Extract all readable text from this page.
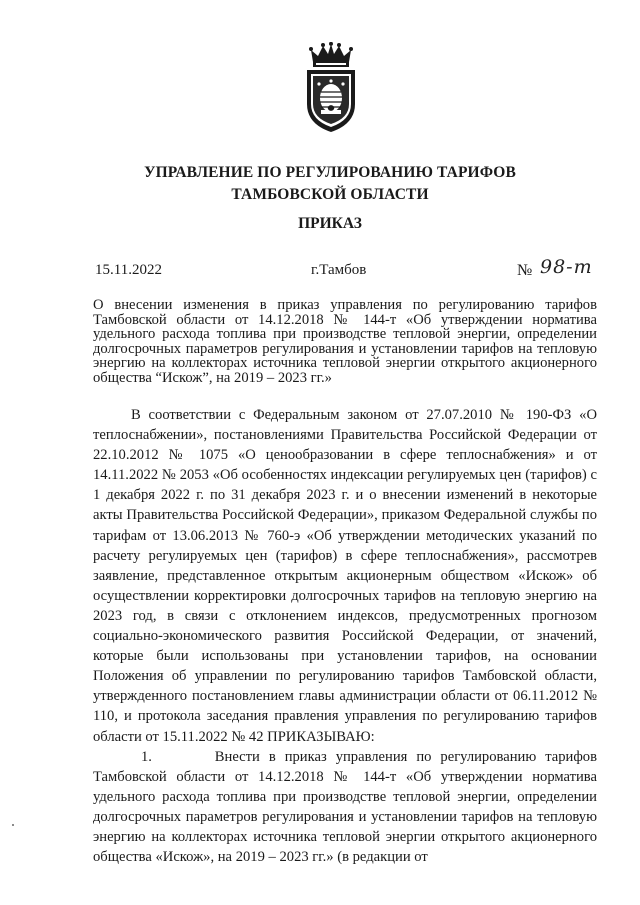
УПРАВЛЕНИЕ ПО РЕГУЛИРОВАНИЮ ТАРИФОВ
ТАМБОВСКОЙ ОБЛАСТИ
ПРИКАЗ
15.11.2022	г.Тамбов	№ 98-т

О внесении изменения в приказ управления по регулированию тарифов Тамбовской области от 14.12.2018 № 144-т «Об утверждении норматива удельного расхода топлива при производстве тепловой энергии, определении долгосрочных параметров регулирования и установлении тарифов на тепловую энергию на коллекторах источника тепловой энергии открытого акционерного общества “Искож”, на 2019 – 2023 гг.»

В соответствии с Федеральным законом от 27.07.2010 № 190-ФЗ «О теплоснабжении», постановлениями Правительства Российской Федерации от 22.10.2012 № 1075 «О ценообразовании в сфере теплоснабжения» и от 14.11.2022 № 2053 «Об особенностях индексации регулируемых цен (тарифов) с 1 декабря 2022 г. по 31 декабря 2023 г. и о внесении изменений в некоторые акты Правительства Российской Федерации», приказом Федеральной службы по тарифам от 13.06.2013 № 760-э «Об утверждении методических указаний по расчету регулируемых цен (тарифов) в сфере теплоснабжения», рассмотрев заявление, представленное открытым акционерным обществом «Искож» об осуществлении корректировки долгосрочных тарифов на тепловую энергию на 2023 год, в связи с отклонением индексов, предусмотренных прогнозом социально-экономического развития Российской Федерации, от значений, которые были использованы при установлении тарифов, на основании Положения об управлении по регулированию тарифов Тамбовской области, утвержденного постановлением главы администрации области от 06.11.2012 № 110, и протокола заседания правления управления по регулированию тарифов области от 15.11.2022 № 42 ПРИКАЗЫВАЮ:

1.	Внести в приказ управления по регулированию тарифов Тамбовской области от 14.12.2018 № 144-т «Об утверждении норматива удельного расхода топлива при производстве тепловой энергии, определении долгосрочных параметров регулирования и установлении тарифов на тепловую энергию на коллекторах источника тепловой энергии открытого акционерного общества «Искож», на 2019 – 2023 гг.» (в редакции от
